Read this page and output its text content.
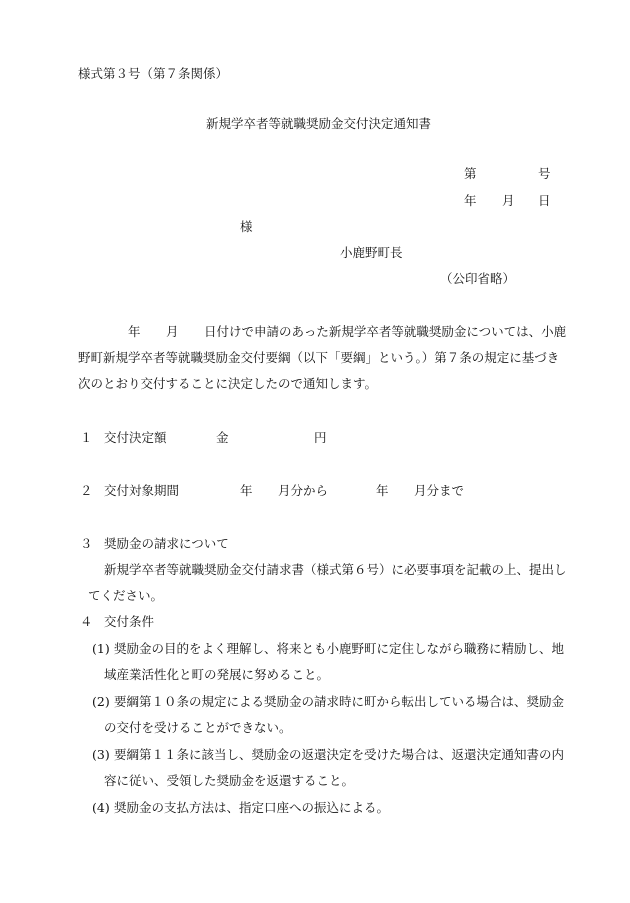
様式第３号（第７条関係）
新規学卒者等就職奨励金交付決定通知書
第	号
年 月 日
様
小鹿野町長
（公印省略）
年 月 日付けで申請のあった新規学卒者等就職奨励金については、小鹿
野町新規学卒者等就職奨励金交付要綱（以下「要綱」という。）第７条の規定に基づき
次のとおり交付することに決定したので通知します。
１ 交付決定額	金	円
２ 交付対象期間	年 月分から	年 月分まで
３ 奨励金の請求について
新規学卒者等就職奨励金交付請求書（様式第６号）に必要事項を記載の上、提出し
てください。
４ 交付条件
(1) 奨励金の目的をよく理解し、将来とも小鹿野町に定住しながら職務に精励し、地
域産業活性化と町の発展に努めること。
(2) 要綱第１０条の規定による奨励金の請求時に町から転出している場合は、奨励金
の交付を受けることができない。
(3) 要綱第１１条に該当し、奨励金の返還決定を受けた場合は、返還決定通知書の内
容に従い、受領した奨励金を返還すること。
(4) 奨励金の支払方法は、指定口座への振込による。
